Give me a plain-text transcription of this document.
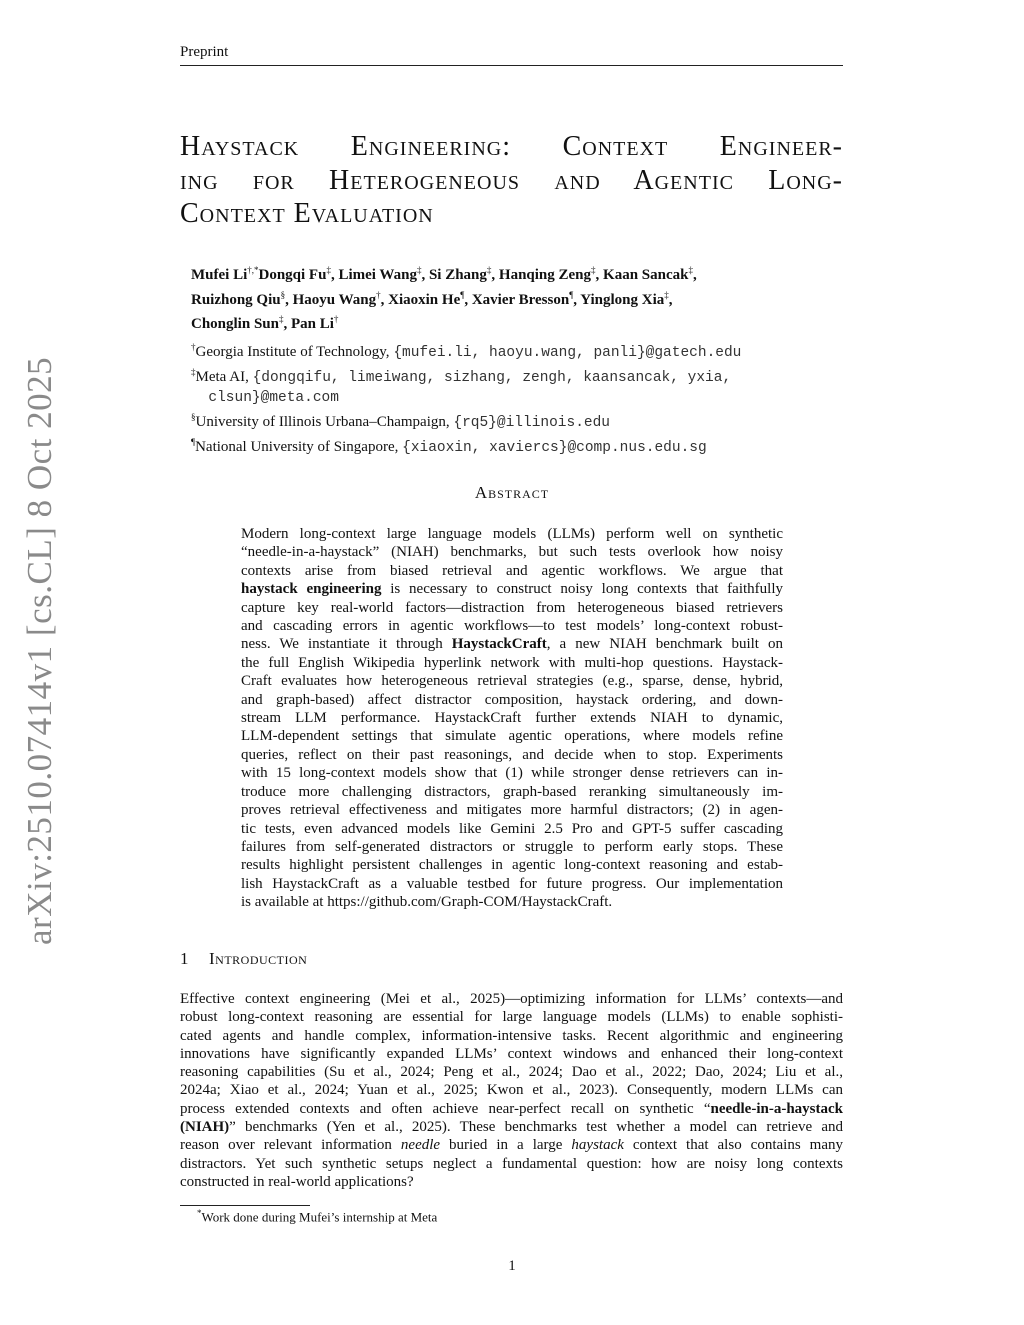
Preprint
arXiv:2510.07414v1 [cs.CL] 8 Oct 2025
Haystack Engineering: Context Engineer-
ing for Heterogeneous and Agentic Long-
Context Evaluation
Mufei Li†,*Dongqi Fu‡, Limei Wang‡, Si Zhang‡, Hanqing Zeng‡, Kaan Sancak‡,
Ruizhong Qiu§, Haoyu Wang†, Xiaoxin He¶, Xavier Bresson¶, Yinglong Xia‡,
Chonglin Sun‡, Pan Li†
†Georgia Institute of Technology, {mufei.li, haoyu.wang, panli}@gatech.edu
‡Meta AI, {dongqifu, limeiwang, sizhang, zengh, kaansancak, yxia,
clsun}@meta.com
§University of Illinois Urbana–Champaign, {rq5}@illinois.edu
¶National University of Singapore, {xiaoxin, xaviercs}@comp.nus.edu.sg
Abstract
Modern long-context large language models (LLMs) perform well on synthetic
“needle-in-a-haystack” (NIAH) benchmarks, but such tests overlook how noisy
contexts arise from biased retrieval and agentic workflows. We argue that
haystack engineering is necessary to construct noisy long contexts that faithfully
capture key real-world factors—distraction from heterogeneous biased retrievers
and cascading errors in agentic workflows—to test models’ long-context robust-
ness. We instantiate it through HaystackCraft, a new NIAH benchmark built on
the full English Wikipedia hyperlink network with multi-hop questions. Haystack-
Craft evaluates how heterogeneous retrieval strategies (e.g., sparse, dense, hybrid,
and graph-based) affect distractor composition, haystack ordering, and down-
stream LLM performance. HaystackCraft further extends NIAH to dynamic,
LLM-dependent settings that simulate agentic operations, where models refine
queries, reflect on their past reasonings, and decide when to stop. Experiments
with 15 long-context models show that (1) while stronger dense retrievers can in-
troduce more challenging distractors, graph-based reranking simultaneously im-
proves retrieval effectiveness and mitigates more harmful distractors; (2) in agen-
tic tests, even advanced models like Gemini 2.5 Pro and GPT-5 suffer cascading
failures from self-generated distractors or struggle to perform early stops. These
results highlight persistent challenges in agentic long-context reasoning and estab-
lish HaystackCraft as a valuable testbed for future progress. Our implementation
is available at https://github.com/Graph-COM/HaystackCraft.
1 Introduction
Effective context engineering (Mei et al., 2025)—optimizing information for LLMs’ contexts—and
robust long-context reasoning are essential for large language models (LLMs) to enable sophisti-
cated agents and handle complex, information-intensive tasks. Recent algorithmic and engineering
innovations have significantly expanded LLMs’ context windows and enhanced their long-context
reasoning capabilities (Su et al., 2024; Peng et al., 2024; Dao et al., 2022; Dao, 2024; Liu et al.,
2024a; Xiao et al., 2024; Yuan et al., 2025; Kwon et al., 2023). Consequently, modern LLMs can
process extended contexts and often achieve near-perfect recall on synthetic “needle-in-a-haystack
(NIAH)” benchmarks (Yen et al., 2025). These benchmarks test whether a model can retrieve and
reason over relevant information needle buried in a large haystack context that also contains many
distractors. Yet such synthetic setups neglect a fundamental question: how are noisy long contexts
constructed in real-world applications?
*Work done during Mufei’s internship at Meta
1
